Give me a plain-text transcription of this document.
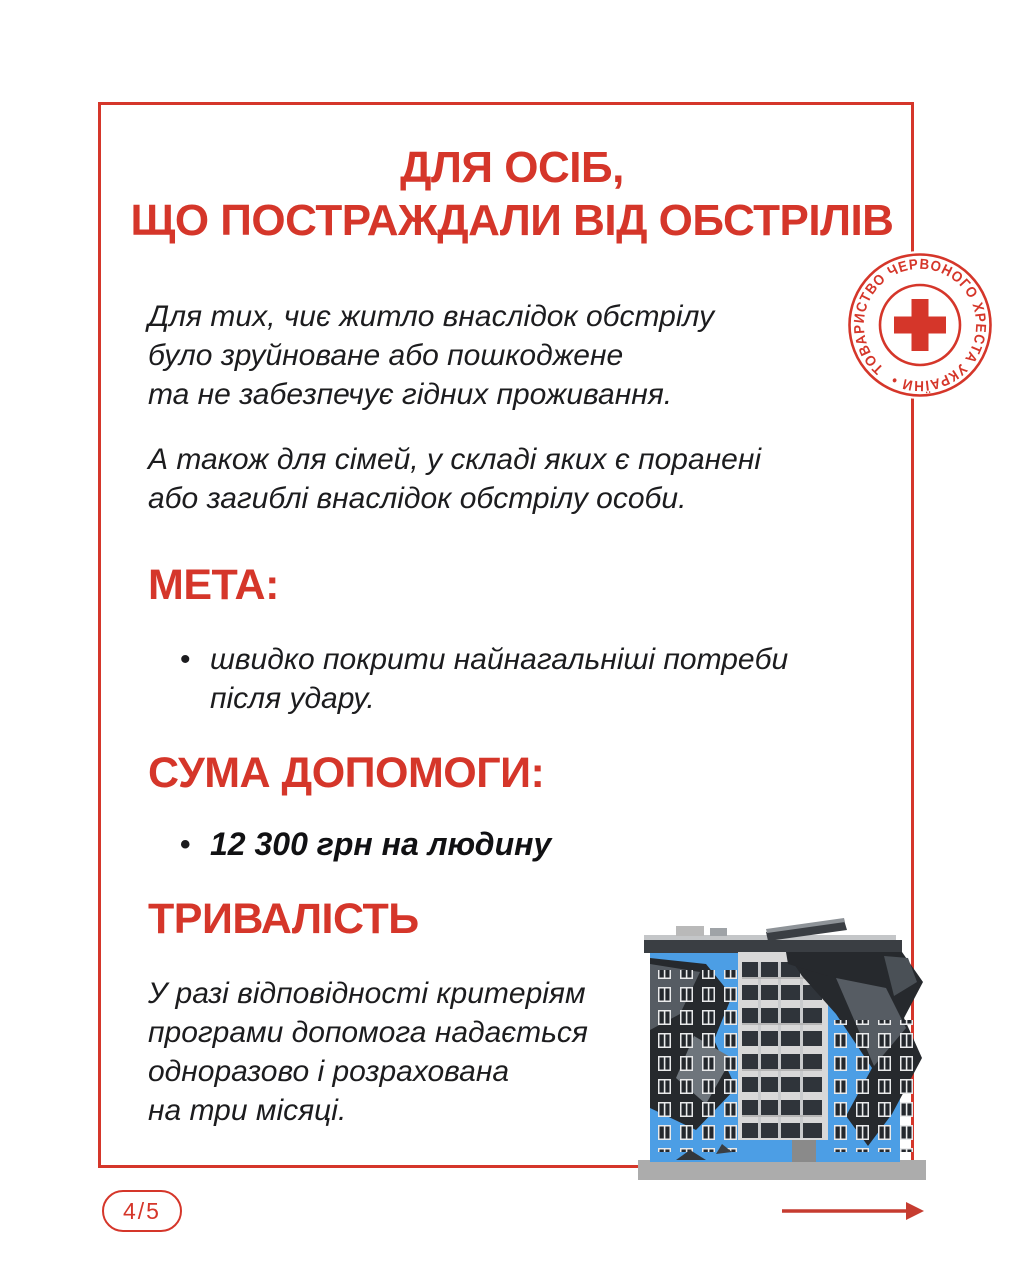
ДЛЯ ОСІБ,
ЩО ПОСТРАЖДАЛИ ВІД ОБСТРІЛІВ
ТОВАРИСТВО ЧЕРВОНОГО ХРЕСТА УКРАЇНИ •
Для тих, чиє житло внаслідок обстрілу
було зруйноване або пошкоджене
та не забезпечує гідних проживання.
А також для сімей, у складі яких є поранені
або загиблі внаслідок обстрілу особи.
МЕТА:
• швидко покрити найнагальніші потреби
після удару.
СУМА ДОПОМОГИ:
• 12 300 грн на людину
ТРИВАЛІСТЬ
У разі відповідності критеріям
програми допомога надається
одноразово і розрахована
на три місяці.
4/5
